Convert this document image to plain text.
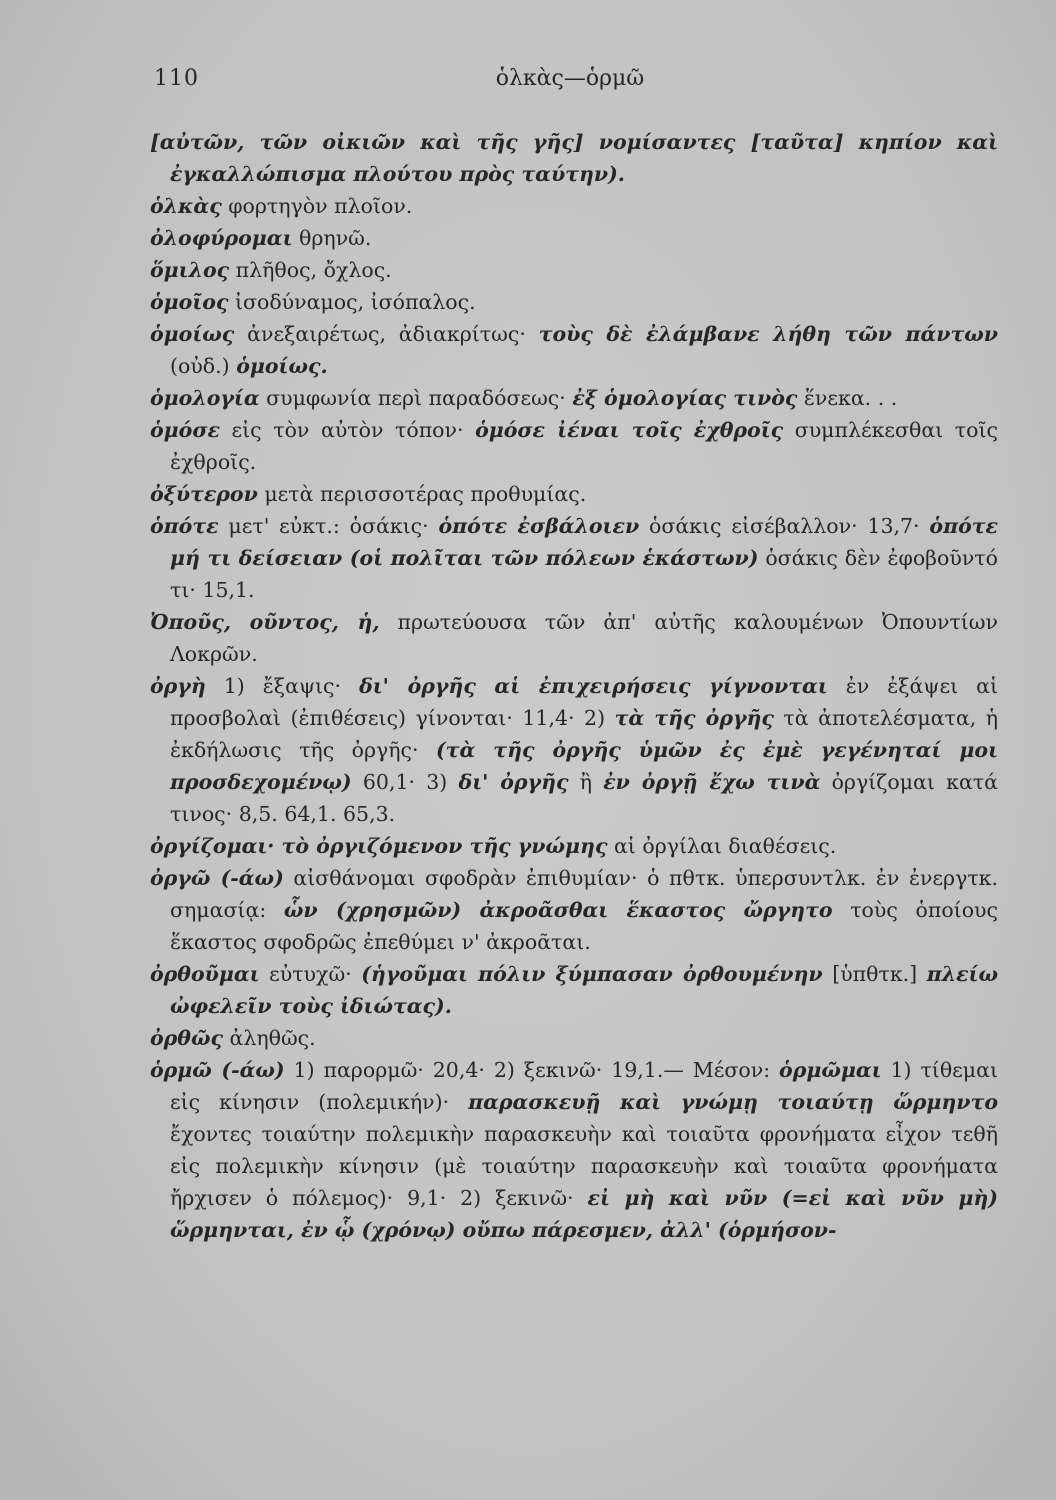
110	ὁλκὰς—ὁρμῶ
[αὐτῶν, τῶν οἰκιῶν καὶ τῆς γῆς] νομίσαντες [ταῦτα] κηπίον καὶ ἐγκαλλώπισμα πλούτου πρὸς ταύτην).
ὁλκὰς φορτηγὸν πλοῖον.
ὀλοφύρομαι θρηνῶ.
ὅμιλος πλῆθος, ὄχλος.
ὁμοῖος ἰσοδύναμος, ἰσόπαλος.
ὁμοίως ἀνεξαιρέτως, ἀδιακρίτως· τοὺς δὲ ἐλάμβανε λήθη τῶν πάντων (οὐδ.) ὁμοίως.
ὁμολογία συμφωνία περὶ παραδόσεως· ἐξ ὁμολογίας τινὸς ἕνεκα. . .
ὁμόσε εἰς τὸν αὐτὸν τόπον· ὁμόσε ἰέναι τοῖς ἐχθροῖς συμπλέκεσθαι τοῖς ἐχθροῖς.
ὀξύτερον μετὰ περισσοτέρας προθυμίας.
ὁπότε μετ' εὐκτ.: ὁσάκις· ὁπότε ἐσβάλοιεν ὁσάκις εἰσέβαλλον· 13,7· ὁπότε μή τι δείσειαν (οἱ πολῖται τῶν πόλεων ἑκάστων) ὁσάκις δὲν ἐφοβοῦντό τι· 15,1.
Ὀποῦς, οῦντος, ἡ, πρωτεύουσα τῶν ἀπ' αὐτῆς καλουμένων Ὀπουντίων Λοκρῶν.
ὀργὴ 1) ἔξαψις· δι' ὀργῆς αἱ ἐπιχειρήσεις γίγνονται ἐν ἐξάψει αἱ προσβολαὶ (ἐπιθέσεις) γίνονται· 11,4· 2) τὰ τῆς ὀργῆς τὰ ἀποτελέσματα, ἡ ἐκδήλωσις τῆς ὀργῆς· (τὰ τῆς ὀργῆς ὑμῶν ἐς ἐμὲ γεγένηταί μοι προσδεχομένῳ) 60,1· 3) δι' ὀργῆς ἢ ἐν ὀργῇ ἔχω τινὰ ὀργίζομαι κατά τινος· 8,5. 64,1. 65,3.
ὀργίζομαι· τὸ ὀργιζόμενον τῆς γνώμης αἱ ὀργίλαι διαθέσεις.
ὀργῶ (-άω) αἰσθάνομαι σφοδρὰν ἐπιθυμίαν· ὁ πθτκ. ὑπερσυντλκ. ἐν ἐνεργτκ. σημασίᾳ: ὧν (χρησμῶν) ἀκροᾶσθαι ἕκαστος ὤργητο τοὺς ὁποίους ἕκαστος σφοδρῶς ἐπεθύμει ν' ἀκροᾶται.
ὀρθοῦμαι εὐτυχῶ· (ἡγοῦμαι πόλιν ξύμπασαν ὀρθουμένην [ὑπθτκ.] πλείω ὠφελεῖν τοὺς ἰδιώτας).
ὀρθῶς ἀληθῶς.
ὁρμῶ (-άω) 1) παρορμῶ· 20,4· 2) ξεκινῶ· 19,1.— Μέσον: ὁρμῶμαι 1) τίθεμαι εἰς κίνησιν (πολεμικήν)· παρασκευῇ καὶ γνώμῃ τοιαύτῃ ὥρμηντο ἔχοντες τοιαύτην πολεμικὴν παρασκευὴν καὶ τοιαῦτα φρονήματα εἶχον τεθῆ εἰς πολεμικὴν κίνησιν (μὲ τοιαύτην παρασκευὴν καὶ τοιαῦτα φρονήματα ἤρχισεν ὁ πόλεμος)· 9,1· 2) ξεκινῶ· εἰ μὴ καὶ νῦν (=εἰ καὶ νῦν μὴ) ὥρμηνται, ἐν ᾧ (χρόνῳ) οὔπω πάρεσμεν, ἀλλ' (ὁρμήσον-
